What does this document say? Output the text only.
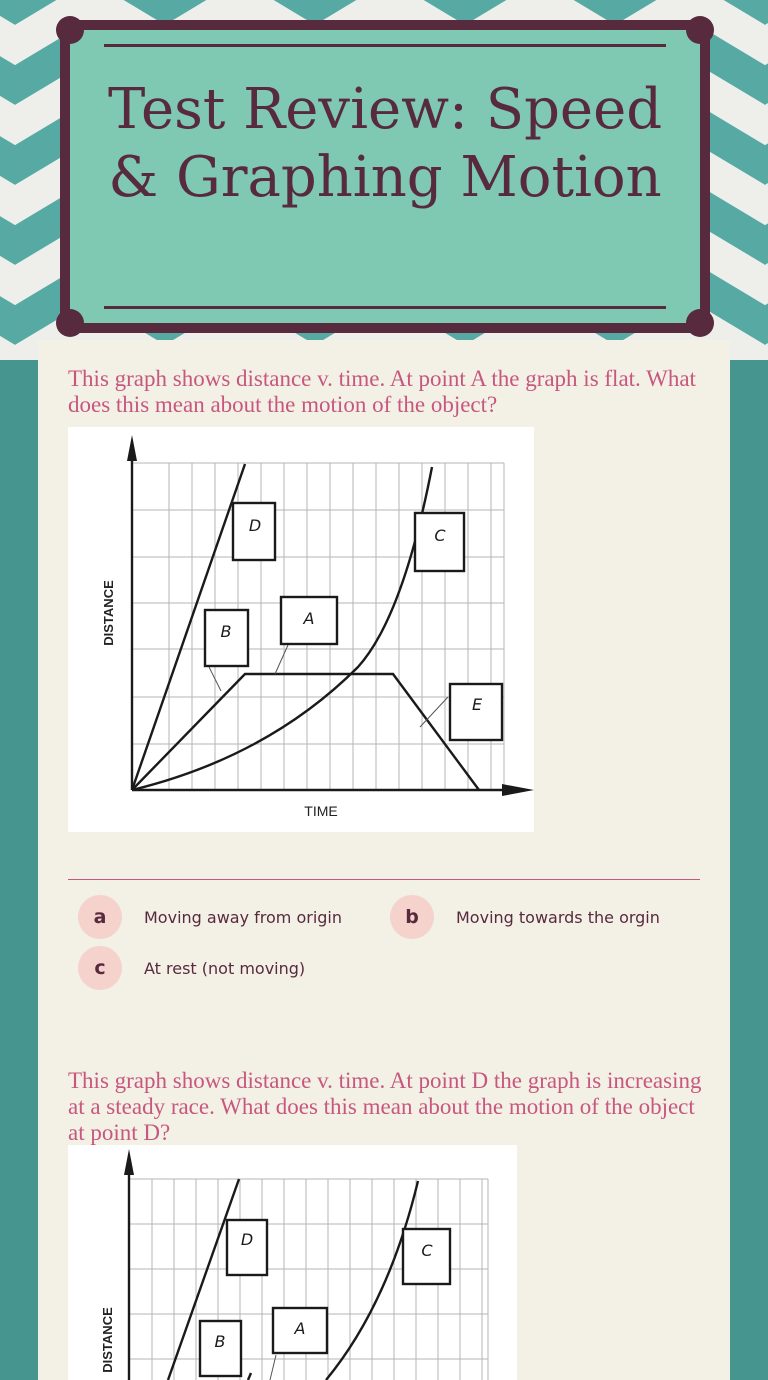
Test Review: Speed & Graphing Motion

This graph shows distance v. time. At point A the graph is flat. What does this mean about the motion of the object?

D
C
B
A
E
TIME
DISTANCE
a	Moving away from origin	b	Moving towards the orgin
c	At rest (not moving)

This graph shows distance v. time. At point D the graph is increasing at a steady race. What does this mean about the motion of the object at point D?

D
C
B
A
DISTANCE
